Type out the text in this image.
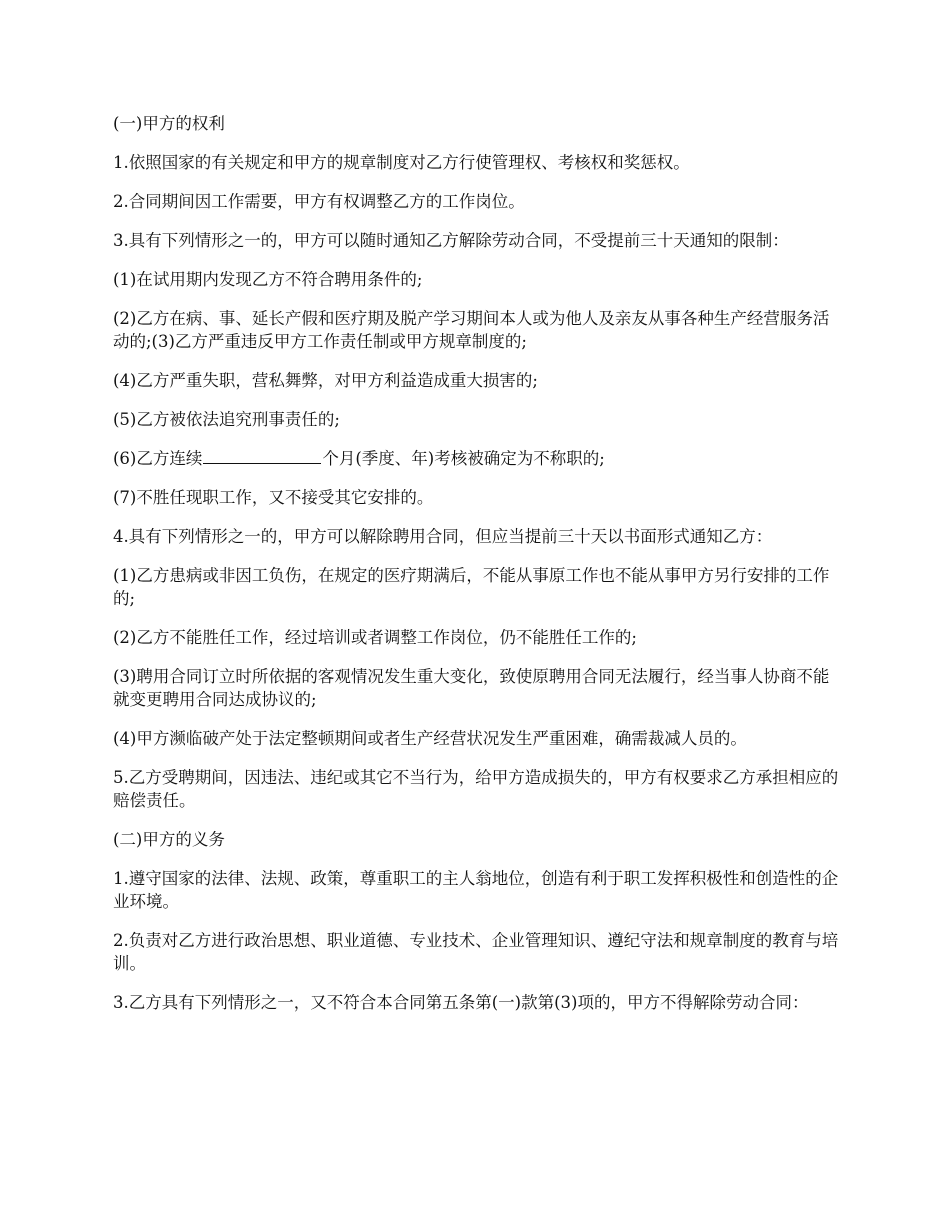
(一)甲方的权利

1.依照国家的有关规定和甲方的规章制度对乙方行使管理权、考核权和奖惩权。

2.合同期间因工作需要，甲方有权调整乙方的工作岗位。

3.具有下列情形之一的，甲方可以随时通知乙方解除劳动合同，不受提前三十天通知的限制：

(1)在试用期内发现乙方不符合聘用条件的;

(2)乙方在病、事、延长产假和医疗期及脱产学习期间本人或为他人及亲友从事各种生产经营服务活动的;(3)乙方严重违反甲方工作责任制或甲方规章制度的;

(4)乙方严重失职，营私舞弊，对甲方利益造成重大损害的;

(5)乙方被依法追究刑事责任的;

(6)乙方连续	个月(季度、年)考核被确定为不称职的;

(7)不胜任现职工作，又不接受其它安排的。

4.具有下列情形之一的，甲方可以解除聘用合同，但应当提前三十天以书面形式通知乙方：

(1)乙方患病或非因工负伤，在规定的医疗期满后，不能从事原工作也不能从事甲方另行安排的工作的;

(2)乙方不能胜任工作，经过培训或者调整工作岗位，仍不能胜任工作的;

(3)聘用合同订立时所依据的客观情况发生重大变化，致使原聘用合同无法履行，经当事人协商不能就变更聘用合同达成协议的;

(4)甲方濒临破产处于法定整顿期间或者生产经营状况发生严重困难，确需裁减人员的。

5.乙方受聘期间，因违法、违纪或其它不当行为，给甲方造成损失的，甲方有权要求乙方承担相应的赔偿责任。

(二)甲方的义务

1.遵守国家的法律、法规、政策，尊重职工的主人翁地位，创造有利于职工发挥积极性和创造性的企业环境。

2.负责对乙方进行政治思想、职业道德、专业技术、企业管理知识、遵纪守法和规章制度的教育与培训。

3.乙方具有下列情形之一，又不符合本合同第五条第(一)款第(3)项的，甲方不得解除劳动合同：
